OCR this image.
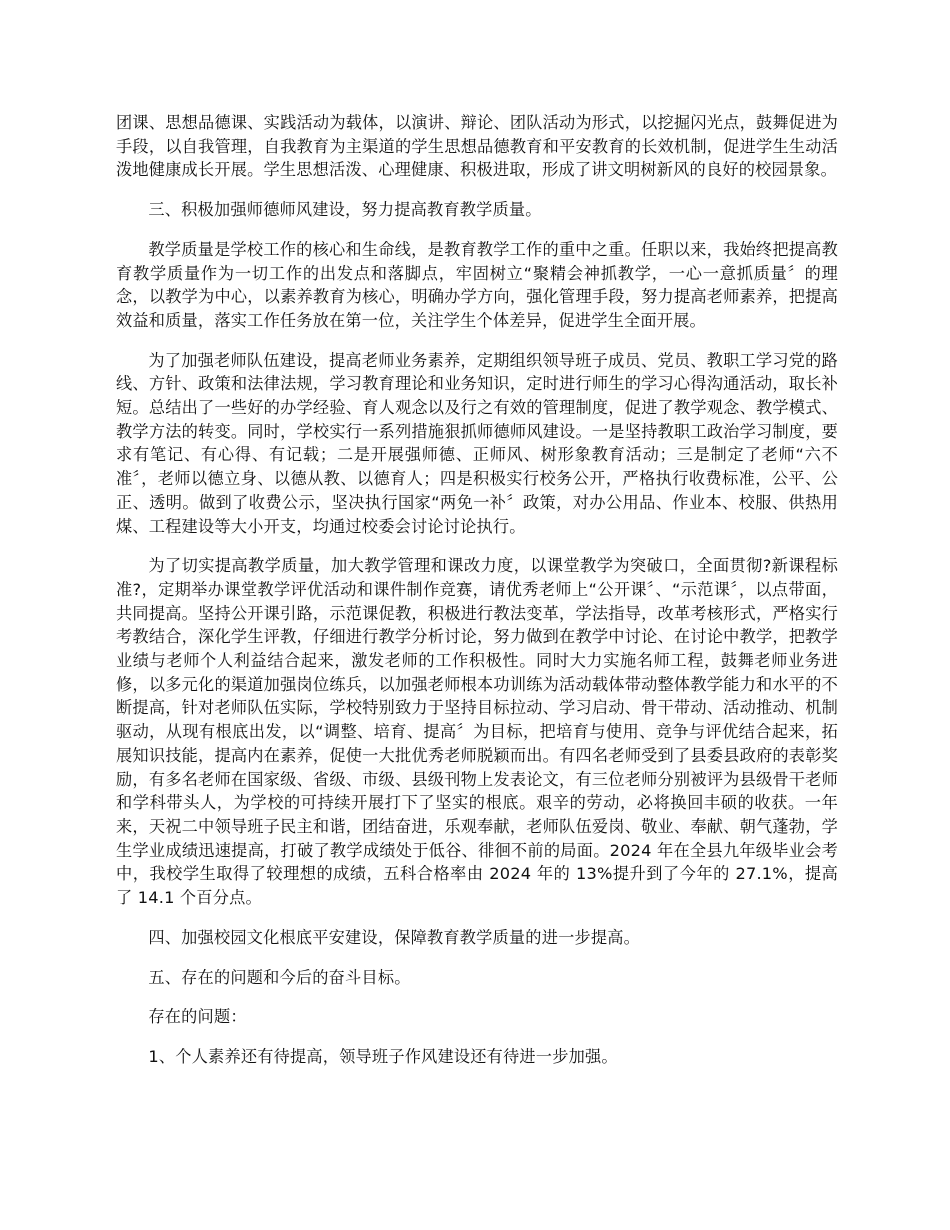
团课、思想品德课、实践活动为载体，以演讲、辩论、团队活动为形式，以挖掘闪光点，鼓舞促进为手段，以自我管理，自我教育为主渠道的学生思想品德教育和平安教育的长效机制，促进学生生动活泼地健康成长开展。学生思想活泼、心理健康、积极进取，形成了讲文明树新风的良好的校园景象。

三、积极加强师德师风建设，努力提高教育教学质量。

教学质量是学校工作的核心和生命线，是教育教学工作的重中之重。任职以来，我始终把提高教育教学质量作为一切工作的出发点和落脚点，牢固树立“聚精会神抓教学，一心一意抓质量〞的理念，以教学为中心，以素养教育为核心，明确办学方向，强化管理手段，努力提高老师素养，把提高效益和质量，落实工作任务放在第一位，关注学生个体差异，促进学生全面开展。

为了加强老师队伍建设，提高老师业务素养，定期组织领导班子成员、党员、教职工学习党的路线、方针、政策和法律法规，学习教育理论和业务知识，定时进行师生的学习心得沟通活动，取长补短。总结出了一些好的办学经验、育人观念以及行之有效的管理制度，促进了教学观念、教学模式、教学方法的转变。同时，学校实行一系列措施狠抓师德师风建设。一是坚持教职工政治学习制度，要求有笔记、有心得、有记载；二是开展强师德、正师风、树形象教育活动；三是制定了老师“六不准〞，老师以德立身、以德从教、以德育人；四是积极实行校务公开，严格执行收费标准，公平、公正、透明。做到了收费公示，坚决执行国家“两免一补〞政策，对办公用品、作业本、校服、供热用煤、工程建设等大小开支，均通过校委会讨论讨论执行。

为了切实提高教学质量，加大教学管理和课改力度，以课堂教学为突破口，全面贯彻?新课程标准?，定期举办课堂教学评优活动和课件制作竞赛，请优秀老师上“公开课〞、“示范课〞，以点带面，共同提高。坚持公开课引路，示范课促教，积极进行教法变革，学法指导，改革考核形式，严格实行考教结合，深化学生评教，仔细进行教学分析讨论，努力做到在教学中讨论、在讨论中教学，把教学业绩与老师个人利益结合起来，激发老师的工作积极性。同时大力实施名师工程，鼓舞老师业务进修，以多元化的渠道加强岗位练兵，以加强老师根本功训练为活动载体带动整体教学能力和水平的不断提高，针对老师队伍实际，学校特别致力于坚持目标拉动、学习启动、骨干带动、活动推动、机制驱动，从现有根底出发，以“调整、培育、提高〞为目标，把培育与使用、竞争与评优结合起来，拓展知识技能，提高内在素养，促使一大批优秀老师脱颖而出。有四名老师受到了县委县政府的表彰奖励，有多名老师在国家级、省级、市级、县级刊物上发表论文，有三位老师分别被评为县级骨干老师和学科带头人，为学校的可持续开展打下了坚实的根底。艰辛的劳动，必将换回丰硕的收获。一年来，天祝二中领导班子民主和谐，团结奋进，乐观奉献，老师队伍爱岗、敬业、奉献、朝气蓬勃，学生学业成绩迅速提高，打破了教学成绩处于低谷、徘徊不前的局面。2024 年在全县九年级毕业会考中，我校学生取得了较理想的成绩，五科合格率由 2024 年的 13%提升到了今年的 27.1%，提高了 14.1 个百分点。

四、加强校园文化根底平安建设，保障教育教学质量的进一步提高。

五、存在的问题和今后的奋斗目标。

存在的问题：

1、个人素养还有待提高，领导班子作风建设还有待进一步加强。
